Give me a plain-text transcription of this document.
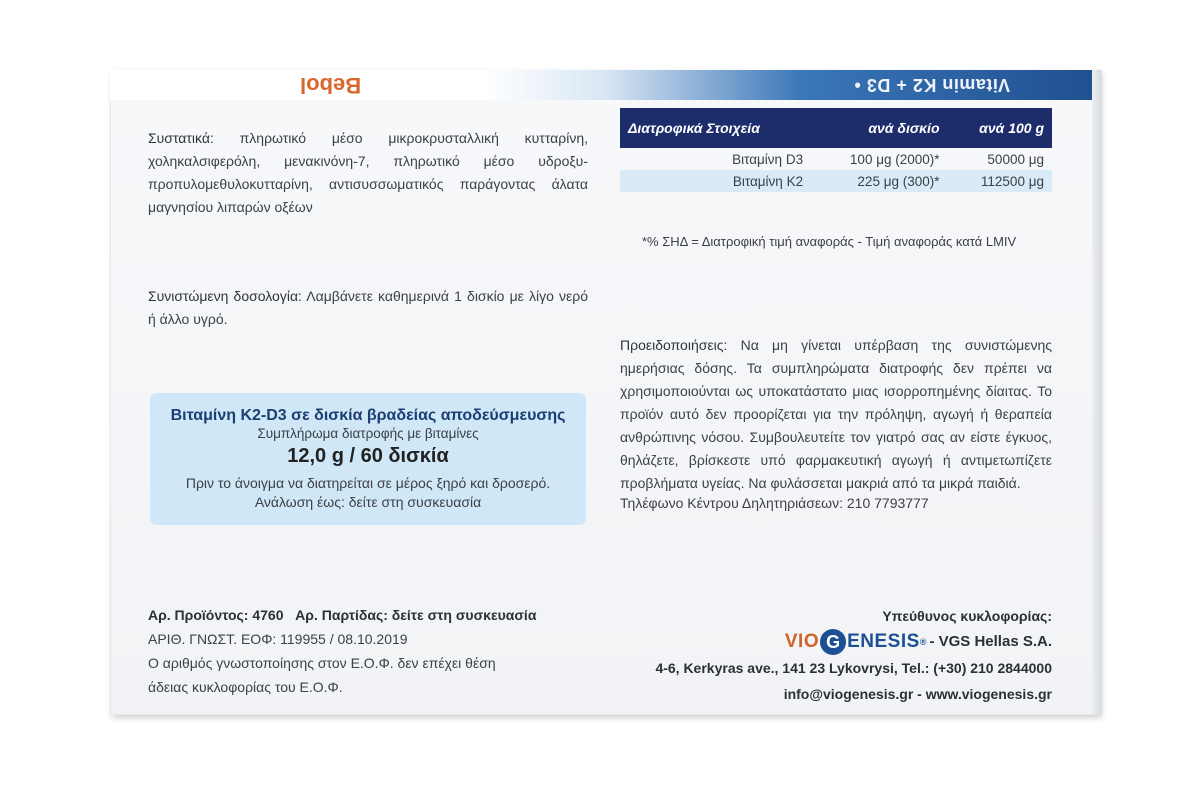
Bebol	Vitamin K2 + D3 •
Συστατικά: πληρωτικό μέσο μικροκρυσταλλική κυτταρίνη, χοληκαλσιφερόλη, μενακινόνη-7, πληρωτικό μέσο υδροξυ-προπυλομεθυλοκυτταρίνη, αντισυσσωματικός παράγοντας άλατα μαγνησίου λιπαρών οξέων
Συνιστώμενη δοσολογία: Λαμβάνετε καθημερινά 1 δισκίο με λίγο νερό ή άλλο υγρό.
Διατροφικά Στοιχεία	ανά δισκίο	ανά 100 g
Βιταμίνη D3	100 μg (2000)*	50000 μg
Βιταμίνη K2	225 μg (300)*	112500 μg
*% ΣΗΔ = Διατροφική τιμή αναφοράς - Τιμή αναφοράς κατά LMIV
Προειδοποιήσεις: Να μη γίνεται υπέρβαση της συνιστώμενης ημερήσιας δόσης. Τα συμπληρώματα διατροφής δεν πρέπει να χρησιμοποιούνται ως υποκατάστατο μιας ισορροπημένης δίαιτας. Το προϊόν αυτό δεν προορίζεται για την πρόληψη, αγωγή ή θεραπεία ανθρώπινης νόσου. Συμβουλευτείτε τον γιατρό σας αν είστε έγκυος, θηλάζετε, βρίσκεστε υπό φαρμακευτική αγωγή ή αντιμετωπίζετε προβλήματα υγείας. Να φυλάσσεται μακριά από τα μικρά παιδιά.
Τηλέφωνο Κέντρου Δηλητηριάσεων: 210 7793777
Βιταμίνη K2-D3 σε δισκία βραδείας αποδεύσμευσης
Συμπλήρωμα διατροφής με βιταμίνες
12,0 g / 60 δισκία
Πριν το άνοιγμα να διατηρείται σε μέρος ξηρό και δροσερό.
Ανάλωση έως: δείτε στη συσκευασία
Αρ. Προϊόντος: 4760 Αρ. Παρτίδας: δείτε στη συσκευασία
ΑΡΙΘ. ΓΝΩΣΤ. ΕΟΦ: 119955 / 08.10.2019
Ο αριθμός γνωστοποίησης στον Ε.Ο.Φ. δεν επέχει θέση
άδειας κυκλοφορίας του Ε.Ο.Φ.
Υπεύθυνος κυκλοφορίας:
VIO G ENESIS ® - VGS Hellas S.A.
4-6, Kerkyras ave., 141 23 Lykovrysi, Tel.: (+30) 210 2844000
info@viogenesis.gr - www.viogenesis.gr
